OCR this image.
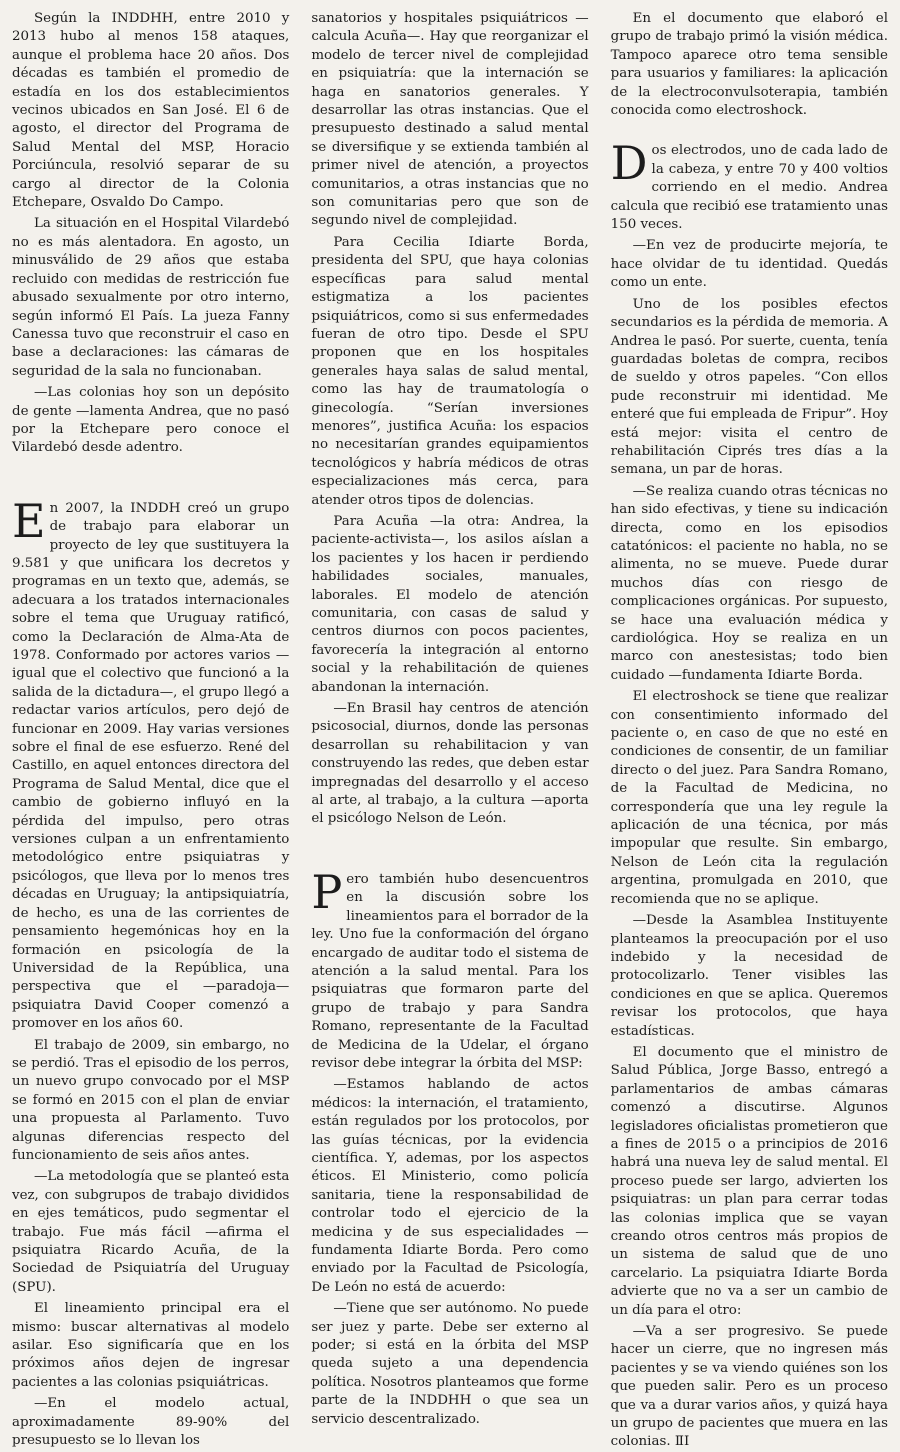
Según la INDDHH, entre 2010 y 2013 hubo al menos 158 ataques, aunque el problema hace 20 años. Dos décadas es también el promedio de estadía en los dos establecimientos vecinos ubicados en San José. El 6 de agosto, el director del Programa de Salud Mental del MSP, Horacio Porciúncula, resolvió separar de su cargo al director de la Colonia Etchepare, Osvaldo Do Campo.

La situación en el Hospital Vilardebó no es más alentadora. En agosto, un minusválido de 29 años que estaba recluido con medidas de restricción fue abusado sexualmente por otro interno, según informó El País. La jueza Fanny Canessa tuvo que reconstruir el caso en base a declaraciones: las cámaras de seguridad de la sala no funcionaban.

—Las colonias hoy son un depósito de gente —lamenta Andrea, que no pasó por la Etchepare pero conoce el Vilardebó desde adentro.

En 2007, la INDDH creó un grupo de trabajo para elaborar un proyecto de ley que sustituyera la 9.581 y que unificara los decretos y programas en un texto que, además, se adecuara a los tratados internacionales sobre el tema que Uruguay ratificó, como la Declaración de Alma-Ata de 1978. Conformado por actores varios —igual que el colectivo que funcionó a la salida de la dictadura—, el grupo llegó a redactar varios artículos, pero dejó de funcionar en 2009. Hay varias versiones sobre el final de ese esfuerzo. René del Castillo, en aquel entonces directora del Programa de Salud Mental, dice que el cambio de gobierno influyó en la pérdida del impulso, pero otras versiones culpan a un enfrentamiento metodológico entre psiquiatras y psicólogos, que lleva por lo menos tres décadas en Uruguay; la antipsiquiatría, de hecho, es una de las corrientes de pensamiento hegemónicas hoy en la formación en psicología de la Universidad de la República, una perspectiva que el —paradoja— psiquiatra David Cooper comenzó a promover en los años 60.

El trabajo de 2009, sin embargo, no se perdió. Tras el episodio de los perros, un nuevo grupo convocado por el MSP se formó en 2015 con el plan de enviar una propuesta al Parlamento. Tuvo algunas diferencias respecto del funcionamiento de seis años antes.

—La metodología que se planteó esta vez, con subgrupos de trabajo divididos en ejes temáticos, pudo segmentar el trabajo. Fue más fácil —afirma el psiquiatra Ricardo Acuña, de la Sociedad de Psiquiatría del Uruguay (SPU).

El lineamiento principal era el mismo: buscar alternativas al modelo asilar. Eso significaría que en los próximos años dejen de ingresar pacientes a las colonias psiquiátricas.

—En el modelo actual, aproximadamente 89-90% del presupuesto se lo llevan los

sanatorios y hospitales psiquiátricos —calcula Acuña—. Hay que reorganizar el modelo de tercer nivel de complejidad en psiquiatría: que la internación se haga en sanatorios generales. Y desarrollar las otras instancias. Que el presupuesto destinado a salud mental se diversifique y se extienda también al primer nivel de atención, a proyectos comunitarios, a otras instancias que no son comunitarias pero que son de segundo nivel de complejidad.

Para Cecilia Idiarte Borda, presidenta del SPU, que haya colonias específicas para salud mental estigmatiza a los pacientes psiquiátricos, como si sus enfermedades fueran de otro tipo. Desde el SPU proponen que en los hospitales generales haya salas de salud mental, como las hay de traumatología o ginecología. “Serían inversiones menores”, justifica Acuña: los espacios no necesitarían grandes equipamientos tecnológicos y habría médicos de otras especializaciones más cerca, para atender otros tipos de dolencias.

Para Acuña —la otra: Andrea, la paciente-activista—, los asilos aíslan a los pacientes y los hacen ir perdiendo habilidades sociales, manuales, laborales. El modelo de atención comunitaria, con casas de salud y centros diurnos con pocos pacientes, favorecería la integración al entorno social y la rehabilitación de quienes abandonan la internación.

—En Brasil hay centros de atención psicosocial, diurnos, donde las personas desarrollan su rehabilitacion y van construyendo las redes, que deben estar impregnadas del desarrollo y el acceso al arte, al trabajo, a la cultura —aporta el psicólogo Nelson de León.

Pero también hubo desencuentros en la discusión sobre los lineamientos para el borrador de la ley. Uno fue la conformación del órgano encargado de auditar todo el sistema de atención a la salud mental. Para los psiquiatras que formaron parte del grupo de trabajo y para Sandra Romano, representante de la Facultad de Medicina de la Udelar, el órgano revisor debe integrar la órbita del MSP:

—Estamos hablando de actos médicos: la internación, el tratamiento, están regulados por los protocolos, por las guías técnicas, por la evidencia científica. Y, ademas, por los aspectos éticos. El Ministerio, como policía sanitaria, tiene la responsabilidad de controlar todo el ejercicio de la medicina y de sus especialidades —fundamenta Idiarte Borda. Pero como enviado por la Facultad de Psicología, De León no está de acuerdo:

—Tiene que ser autónomo. No puede ser juez y parte. Debe ser externo al poder; si está en la órbita del MSP queda sujeto a una dependencia política. Nosotros planteamos que forme parte de la INDDHH o que sea un servicio descentralizado.

En el documento que elaboró el grupo de trabajo primó la visión médica. Tampoco aparece otro tema sensible para usuarios y familiares: la aplicación de la electroconvulsoterapia, también conocida como electroshock.

Dos electrodos, uno de cada lado de la cabeza, y entre 70 y 400 voltios corriendo en el medio. Andrea calcula que recibió ese tratamiento unas 150 veces.

—En vez de producirte mejoría, te hace olvidar de tu identidad. Quedás como un ente.

Uno de los posibles efectos secundarios es la pérdida de memoria. A Andrea le pasó. Por suerte, cuenta, tenía guardadas boletas de compra, recibos de sueldo y otros papeles. “Con ellos pude reconstruir mi identidad. Me enteré que fui empleada de Fripur”. Hoy está mejor: visita el centro de rehabilitación Ciprés tres días a la semana, un par de horas.

—Se realiza cuando otras técnicas no han sido efectivas, y tiene su indicación directa, como en los episodios catatónicos: el paciente no habla, no se alimenta, no se mueve. Puede durar muchos días con riesgo de complicaciones orgánicas. Por supuesto, se hace una evaluación médica y cardiológica. Hoy se realiza en un marco con anestesistas; todo bien cuidado —fundamenta Idiarte Borda.

El electroshock se tiene que realizar con consentimiento informado del paciente o, en caso de que no esté en condiciones de consentir, de un familiar directo o del juez. Para Sandra Romano, de la Facultad de Medicina, no correspondería que una ley regule la aplicación de una técnica, por más impopular que resulte. Sin embargo, Nelson de León cita la regulación argentina, promulgada en 2010, que recomienda que no se aplique.

—Desde la Asamblea Instituyente planteamos la preocupación por el uso indebido y la necesidad de protocolizarlo. Tener visibles las condiciones en que se aplica. Queremos revisar los protocolos, que haya estadísticas.

El documento que el ministro de Salud Pública, Jorge Basso, entregó a parlamentarios de ambas cámaras comenzó a discutirse. Algunos legisladores oficialistas prometieron que a fines de 2015 o a principios de 2016 habrá una nueva ley de salud mental. El proceso puede ser largo, advierten los psiquiatras: un plan para cerrar todas las colonias implica que se vayan creando otros centros más propios de un sistema de salud que de uno carcelario. La psiquiatra Idiarte Borda advierte que no va a ser un cambio de un día para el otro:

—Va a ser progresivo. Se puede hacer un cierre, que no ingresen más pacientes y se va viendo quiénes son los que pueden salir. Pero es un proceso que va a durar varios años, y quizá haya un grupo de pacientes que muera en las colonias. ⅡI
